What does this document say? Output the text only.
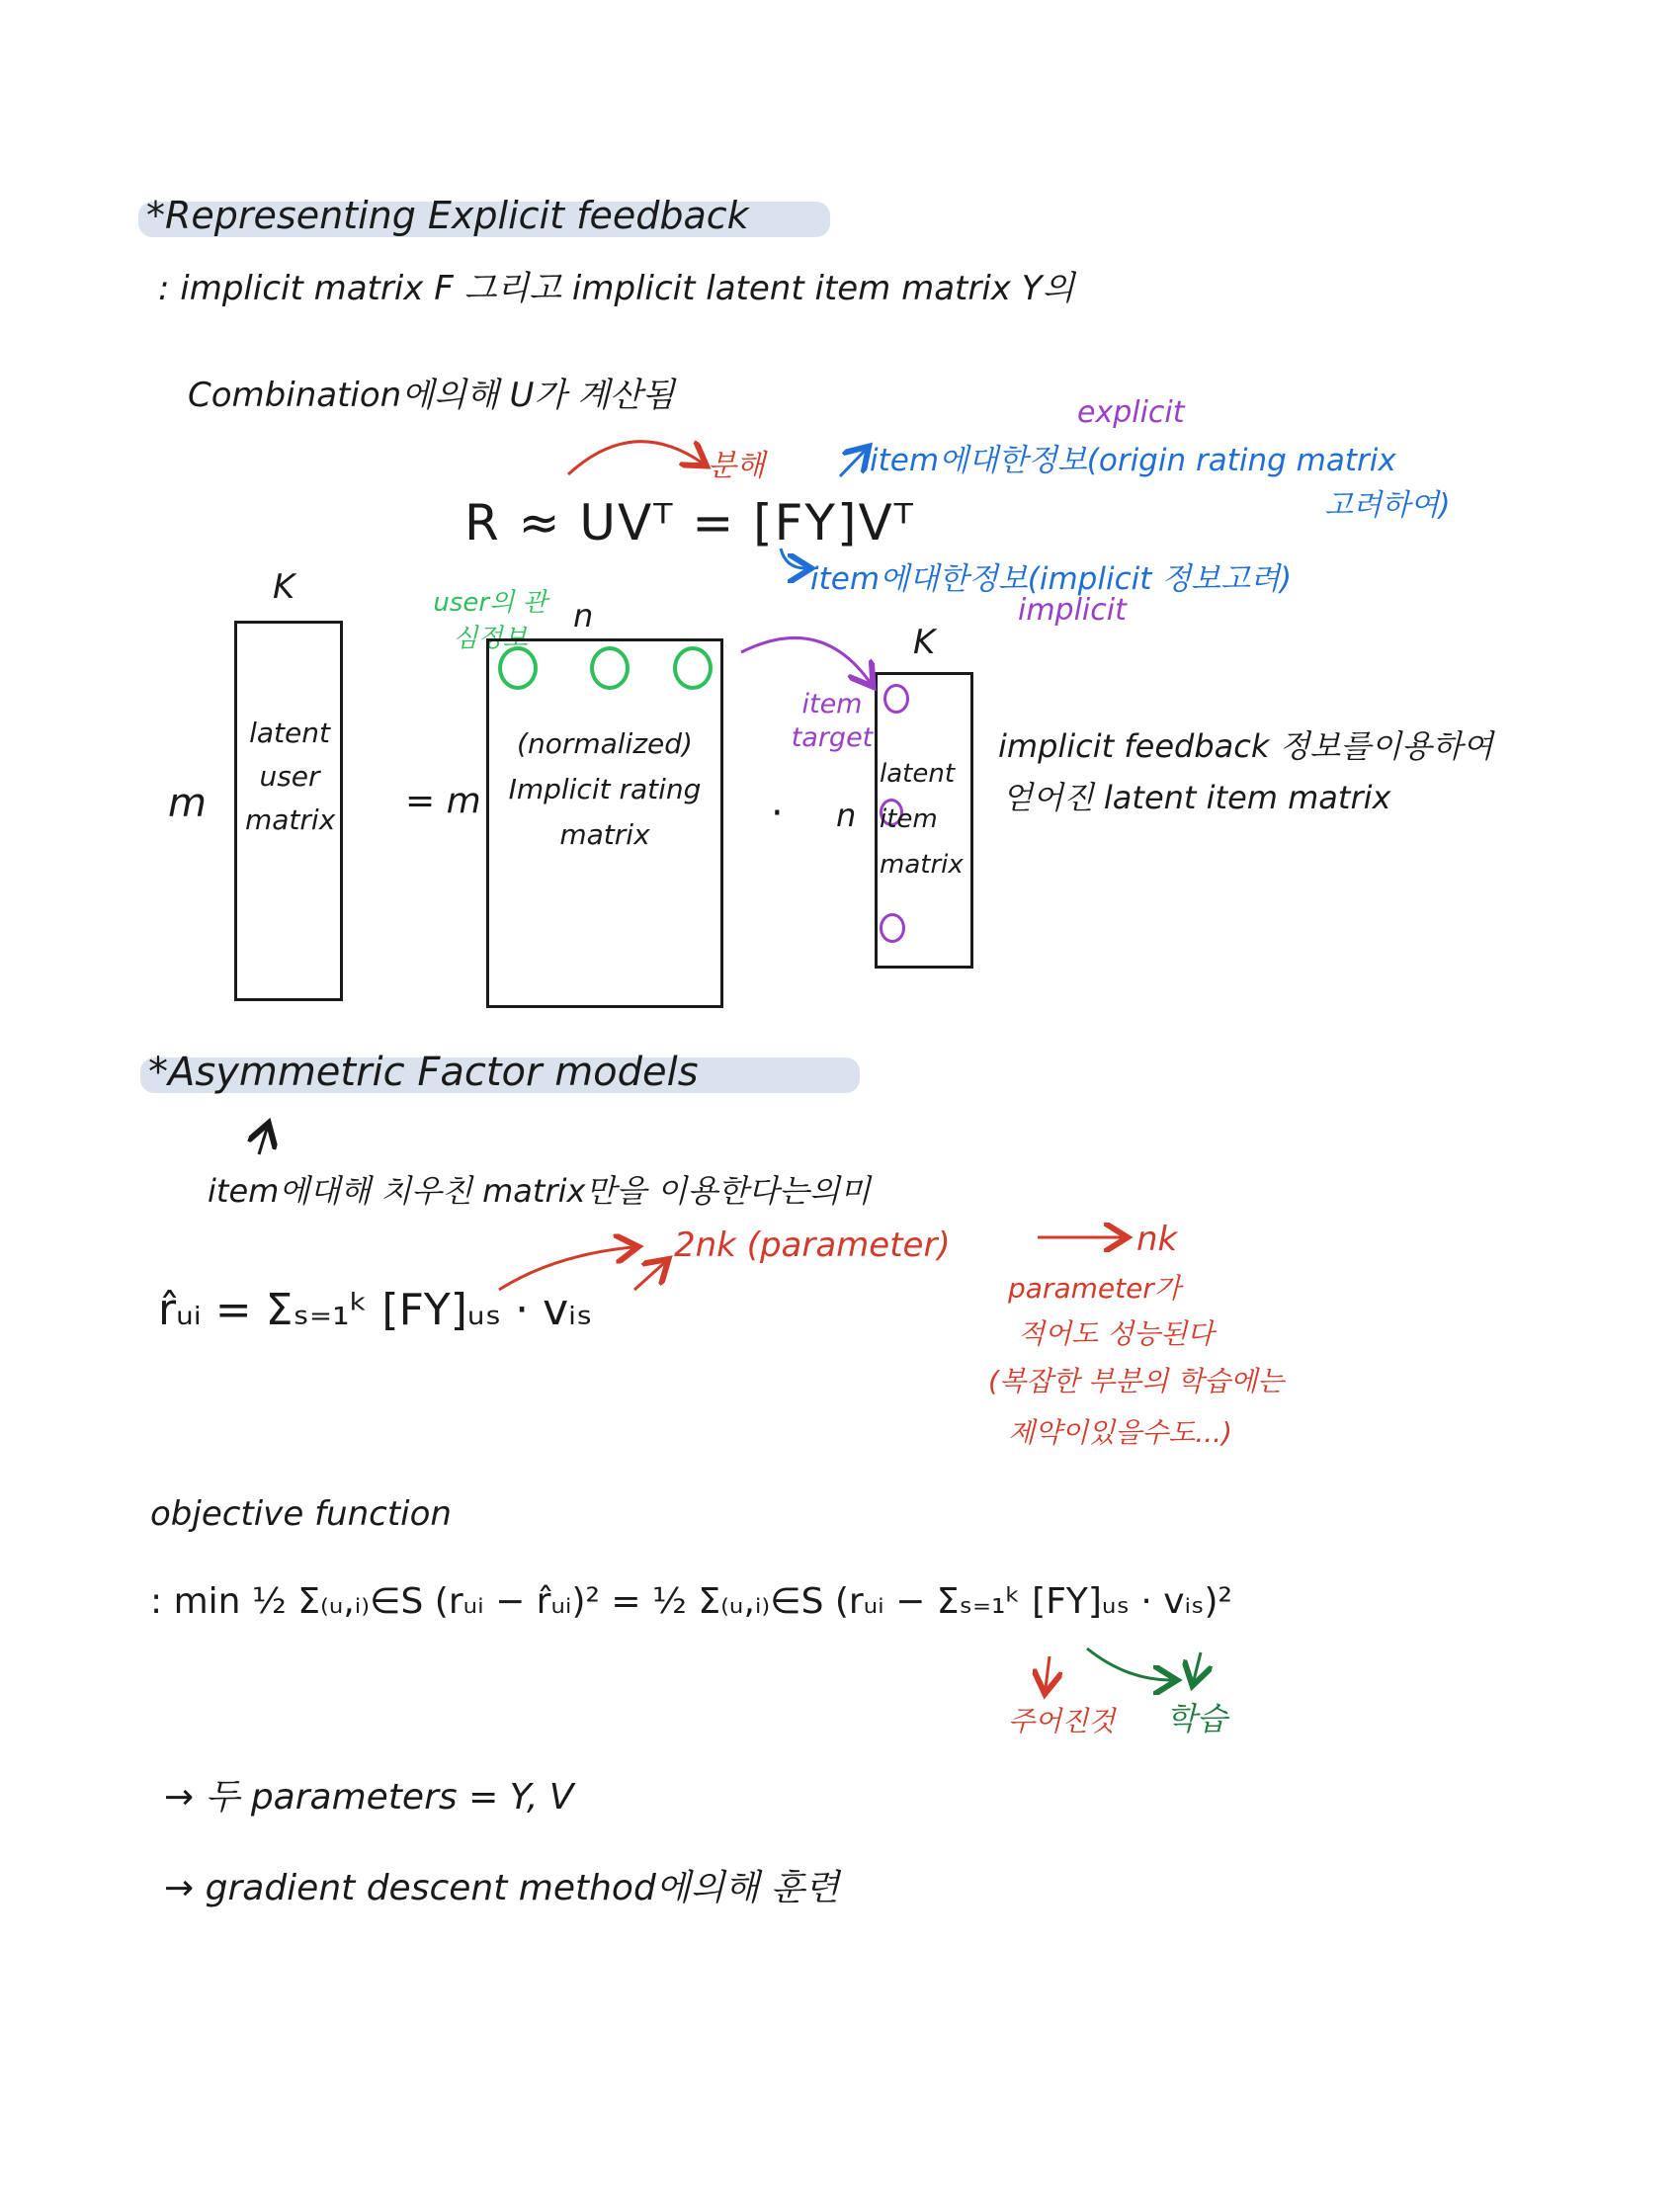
*Representing Explicit feedback
: implicit matrix F 그리고 implicit latent item matrix Y의
Combination에의해 U가 계산됨	explicit
분해	item에대한정보(origin rating matrix
고려하여)
R ≈ UVᵀ = [FY]Vᵀ
item에대한정보(implicit 정보고려)
implicit
K
m
latent user matrix = m
user의 관심정보
n
(normalized) Implicit rating matrix	·
item target
K
n
latent item matrix
implicit feedback 정보를이용하여
얻어진 latent item matrix
*Asymmetric Factor models
item에대해 치우친 matrix만을 이용한다는의미
r̂ᵤᵢ = Σₛ₌₁ᵏ [FY]ᵤₛ · vᵢₛ
2nk (parameter)	nk
parameter가
적어도 성능된다
(복잡한 부분의 학습에는
제약이있을수도...)
objective function
: min ½ Σ₍ᵤ,ᵢ₎∈S (rᵤᵢ − r̂ᵤᵢ)² = ½ Σ₍ᵤ,ᵢ₎∈S (rᵤᵢ − Σₛ₌₁ᵏ [FY]ᵤₛ · vᵢₛ)²
주어진것 학습
→ 두 parameters = Y, V
→ gradient descent method에의해 훈련
